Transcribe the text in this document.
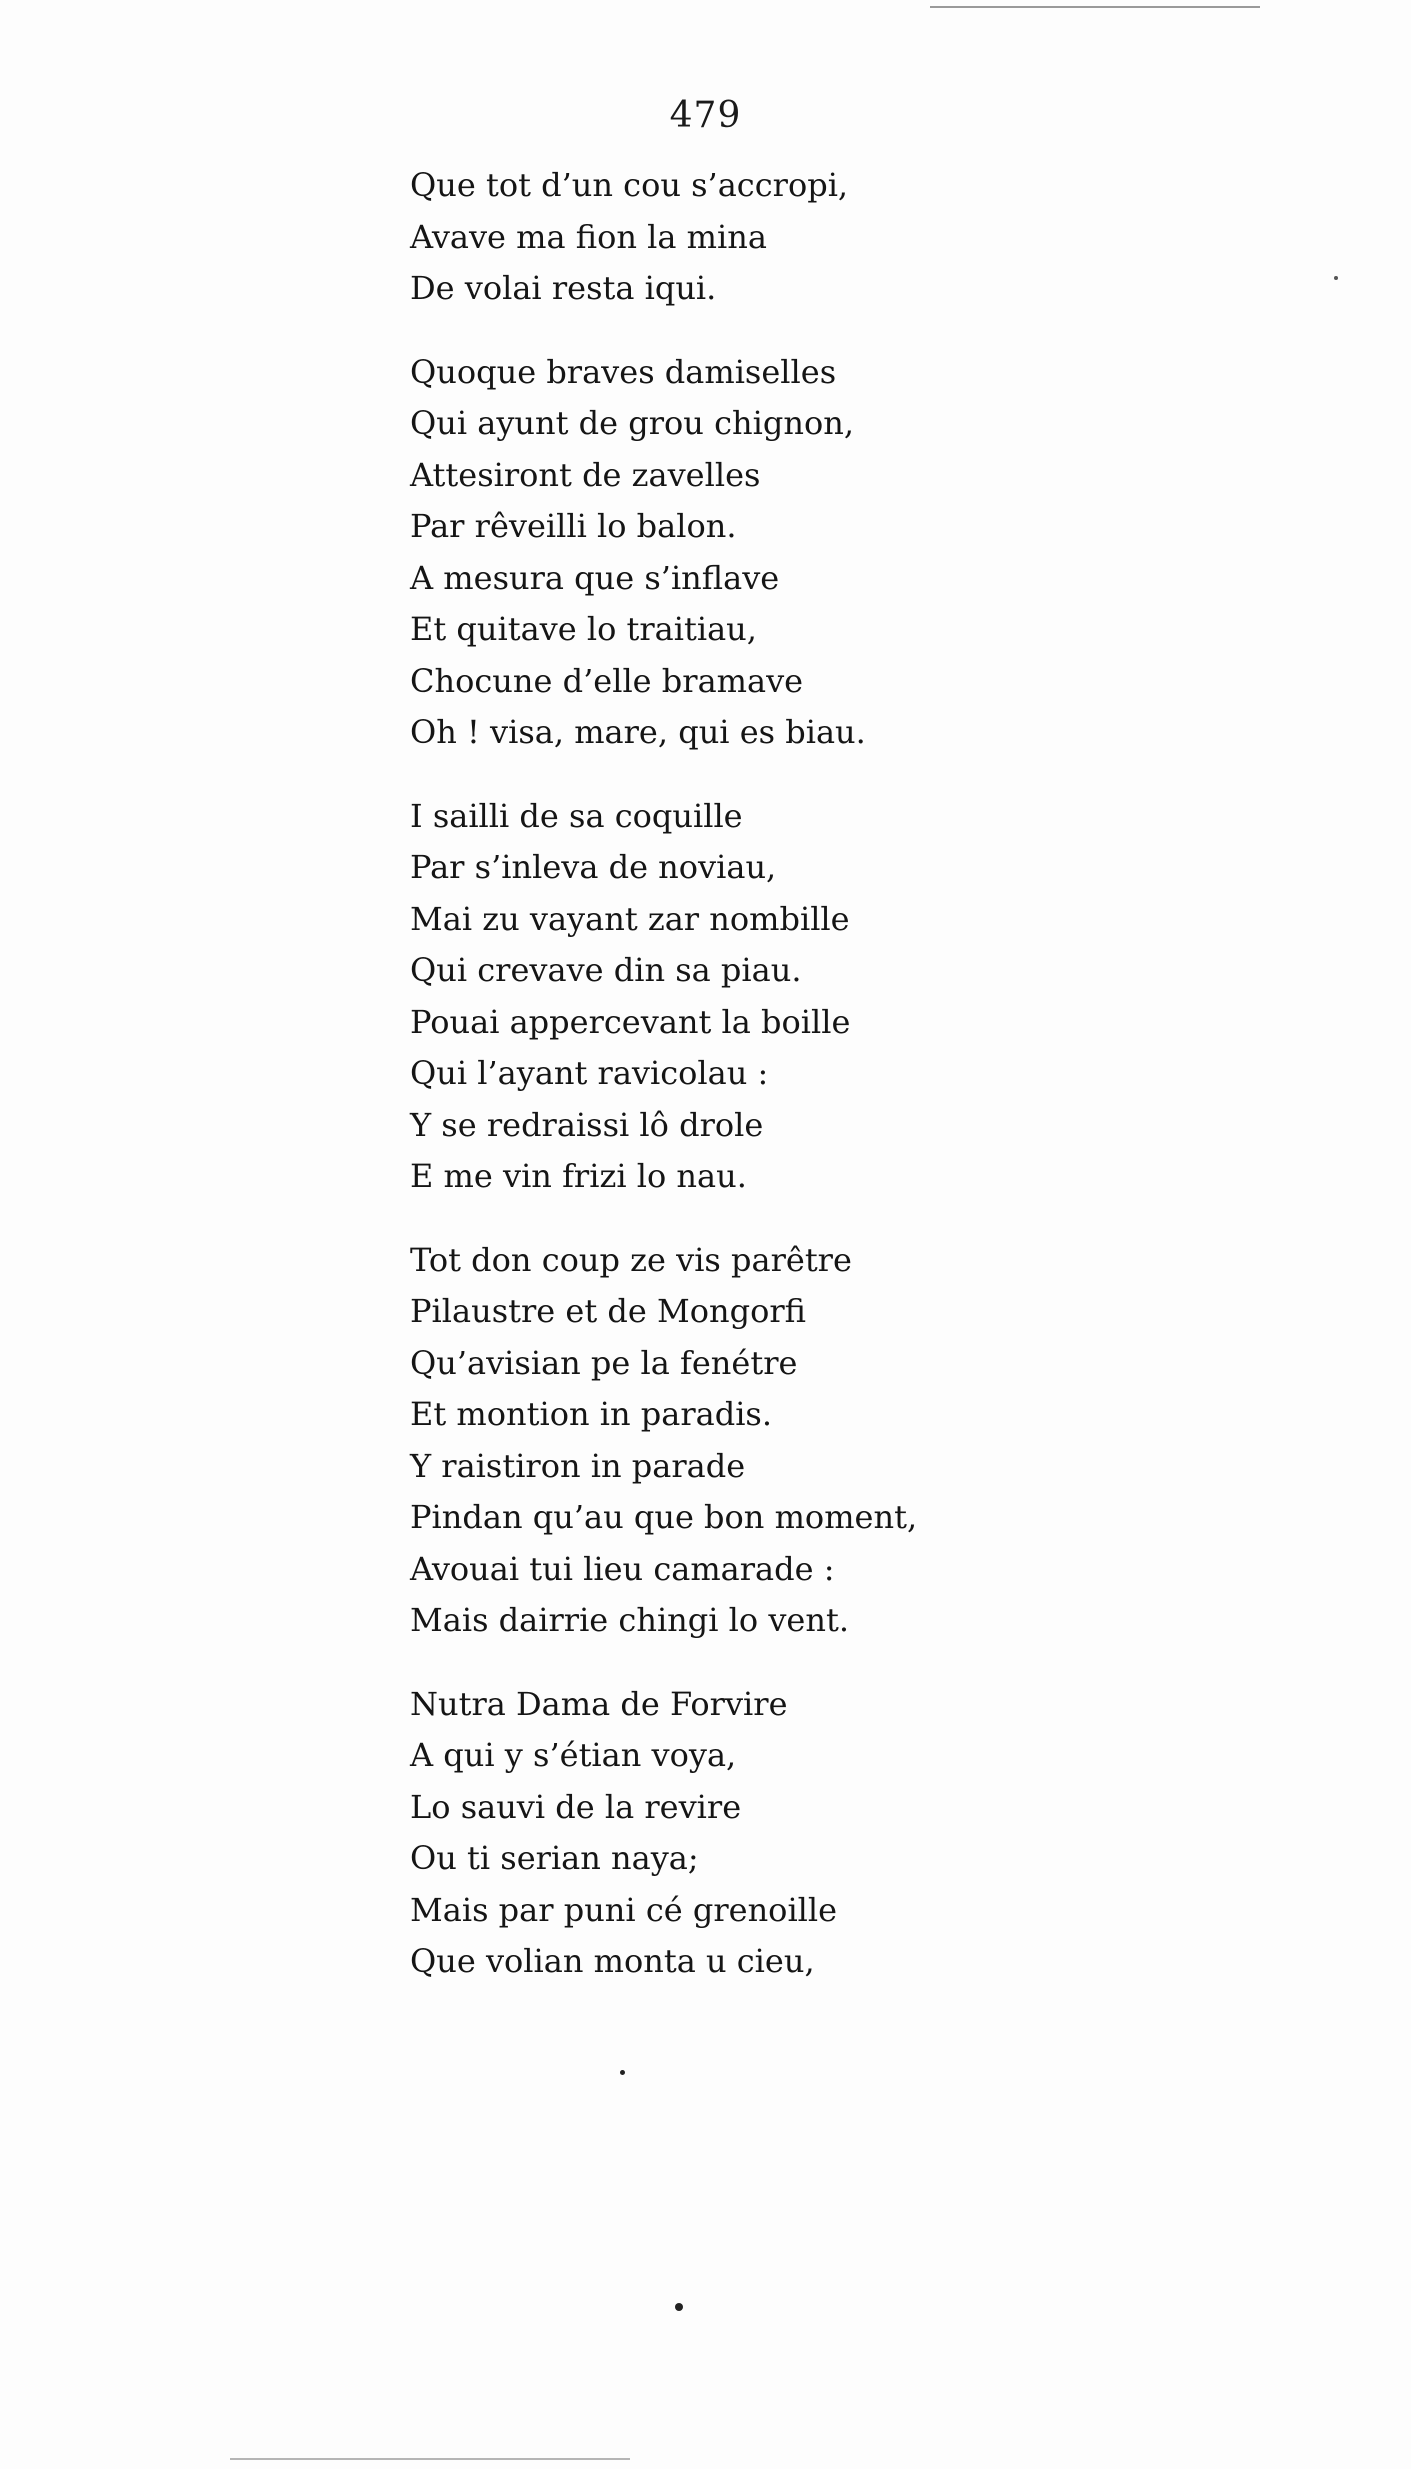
479
Que tot d’un cou s’accropi,
Avave ma fion la mina
De volai resta iqui.
Quoque braves damiselles
Qui ayunt de grou chignon,
Attesiront de zavelles
Par rêveilli lo balon.
A mesura que s’inflave
Et quitave lo traitiau,
Chocune d’elle bramave
Oh ! visa, mare, qui es biau.
I sailli de sa coquille
Par s’inleva de noviau,
Mai zu vayant zar nombille
Qui crevave din sa piau.
Pouai appercevant la boille
Qui l’ayant ravicolau :
Y se redraissi lô drole
E me vin frizi lo nau.
Tot don coup ze vis parêtre
Pilaustre et de Mongorfi
Qu’avisian pe la fenétre
Et montion in paradis.
Y raistiron in parade
Pindan qu’au que bon moment,
Avouai tui lieu camarade :
Mais dairrie chingi lo vent.
Nutra Dama de Forvire
A qui y s’étian voya,
Lo sauvi de la revire
Ou ti serian naya;
Mais par puni cé grenoille
Que volian monta u cieu,
